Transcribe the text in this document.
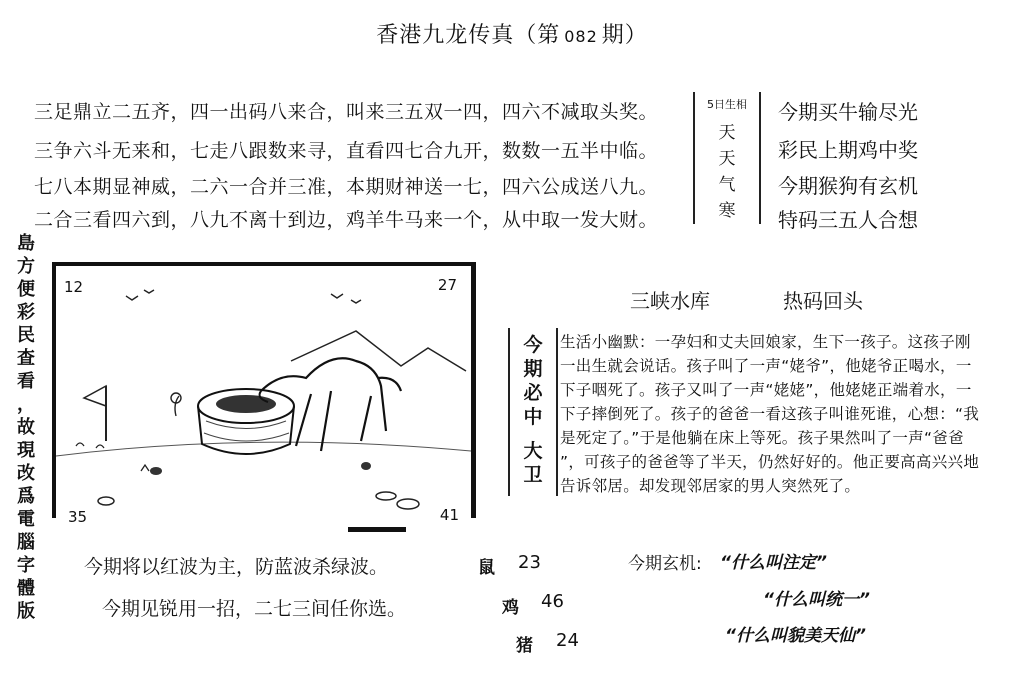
香港九龙传真（第 082 期）
三足鼎立二五齐，四一出码八来合，叫来三五双一四，四六不减取头奖。
三争六斗无来和，七走八跟数来寻，直看四七合九开，数数一五半中临。
七八本期显神威，二六一合并三准，本期财神送一七，四六公成送八九。
二合三看四六到，八九不离十到边，鸡羊牛马来一个，从中取一发大财。
5日生相
天
天
气
寒
今期买牛输尽光
彩民上期鸡中奖
今期猴狗有玄机
特码三五人合想
島
方
便
彩
民
查
看
，
故
現
改
爲
電
腦
字
體
版
12	27
35	41
三峡水库	热码回头
今
期
必
中
大
卫

生活小幽默：一孕妇和丈夫回娘家，生下一孩子。这孩子刚

一出生就会说话。孩子叫了一声“姥爷”，他姥爷正喝水，一

下子咽死了。孩子又叫了一声“姥姥”，他姥姥正端着水，一

下子摔倒死了。孩子的爸爸一看这孩子叫谁死谁，心想：“我

是死定了。”于是他躺在床上等死。孩子果然叫了一声“爸爸

”，可孩子的爸爸等了半天，仍然好好的。他正要高高兴兴地

告诉邻居。却发现邻居家的男人突然死了。

今期将以红波为主，防蓝波杀绿波。
今期见锐用一招，二七三间任你选。
鼠 23
鸡 46
猪 24
今期玄机: “什么叫注定”
“什么叫统一”
“什么叫貌美天仙”
